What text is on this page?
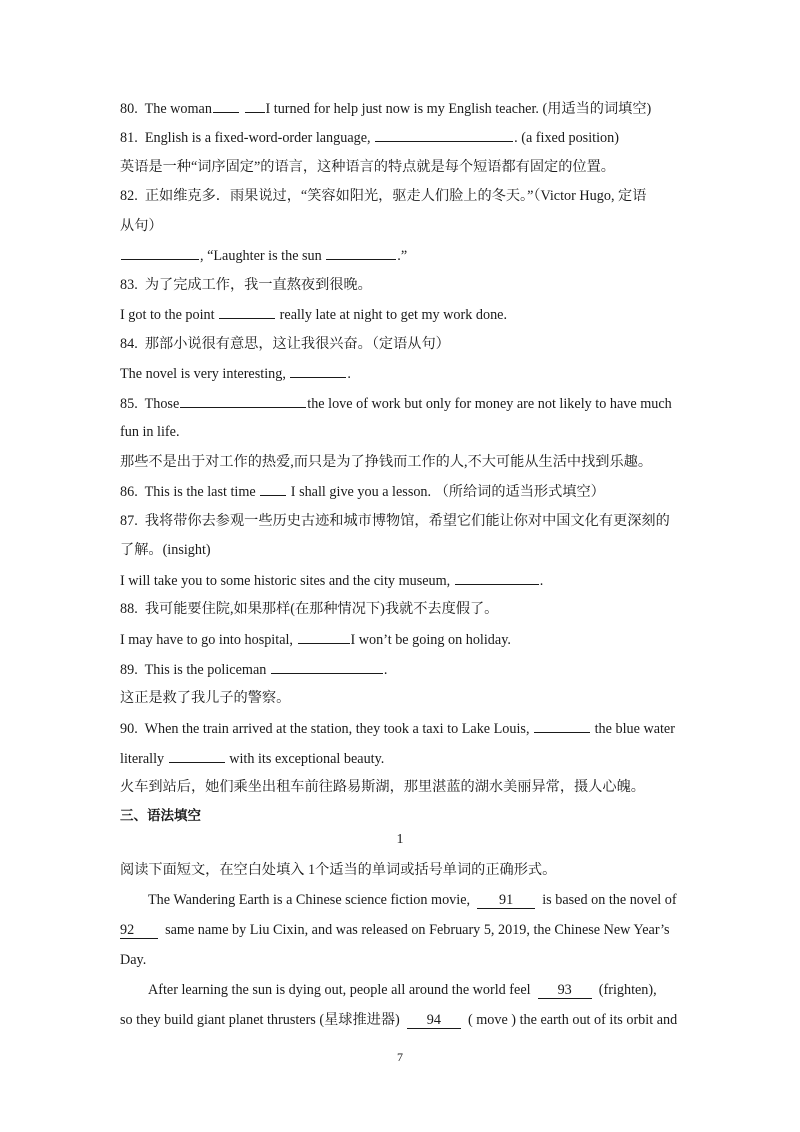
80. The woman	I turned for help just now is my English teacher. (用适当的词填空)
81. English is a fixed-word-order language,	. (a fixed position)
英语是一种“词序固定”的语言，这种语言的特点就是每个短语都有固定的位置。
82. 正如维克多．雨果说过，“笑容如阳光，驱走人们脸上的冬天。”（Victor Hugo, 定语
从句）
, “Laughter is the sun	.”
83. 为了完成工作，我一直熬夜到很晚。
I got to the point	really late at night to get my work done.
84. 那部小说很有意思，这让我很兴奋。（定语从句）
The novel is very interesting,	.
85. Those	the love of work but only for money are not likely to have much
fun in life.
那些不是出于对工作的热爱,而只是为了挣钱而工作的人,不大可能从生活中找到乐趣。
86. This is the last time I shall give you a lesson. （所给词的适当形式填空）
87. 我将带你去参观一些历史古迹和城市博物馆，希望它们能让你对中国文化有更深刻的
了解。(insight)
I will take you to some historic sites and the city museum,	.
88. 我可能要住院,如果那样(在那种情况下)我就不去度假了。
I may have to go into hospital,	I won’t be going on holiday.
89. This is the policeman	.
这正是救了我儿子的警察。
90. When the train arrived at the station, they took a taxi to Lake Louis,	the blue water
literally	with its exceptional beauty.
火车到站后，她们乘坐出租车前往路易斯湖，那里湛蓝的湖水美丽异常，摄人心魄。
三、语法填空
1
阅读下面短文，在空白处填入 1个适当的单词或括号单词的正确形式。
The Wandering Earth is a Chinese science fiction movie, 91 is based on the novel of
92 same name by Liu Cixin, and was released on February 5, 2019, the Chinese New Year’s
Day.
After learning the sun is dying out, people all around the world feel 93 (frighten),
so they build giant planet thrusters (星球推进器) 94 ( move ) the earth out of its orbit and
7
